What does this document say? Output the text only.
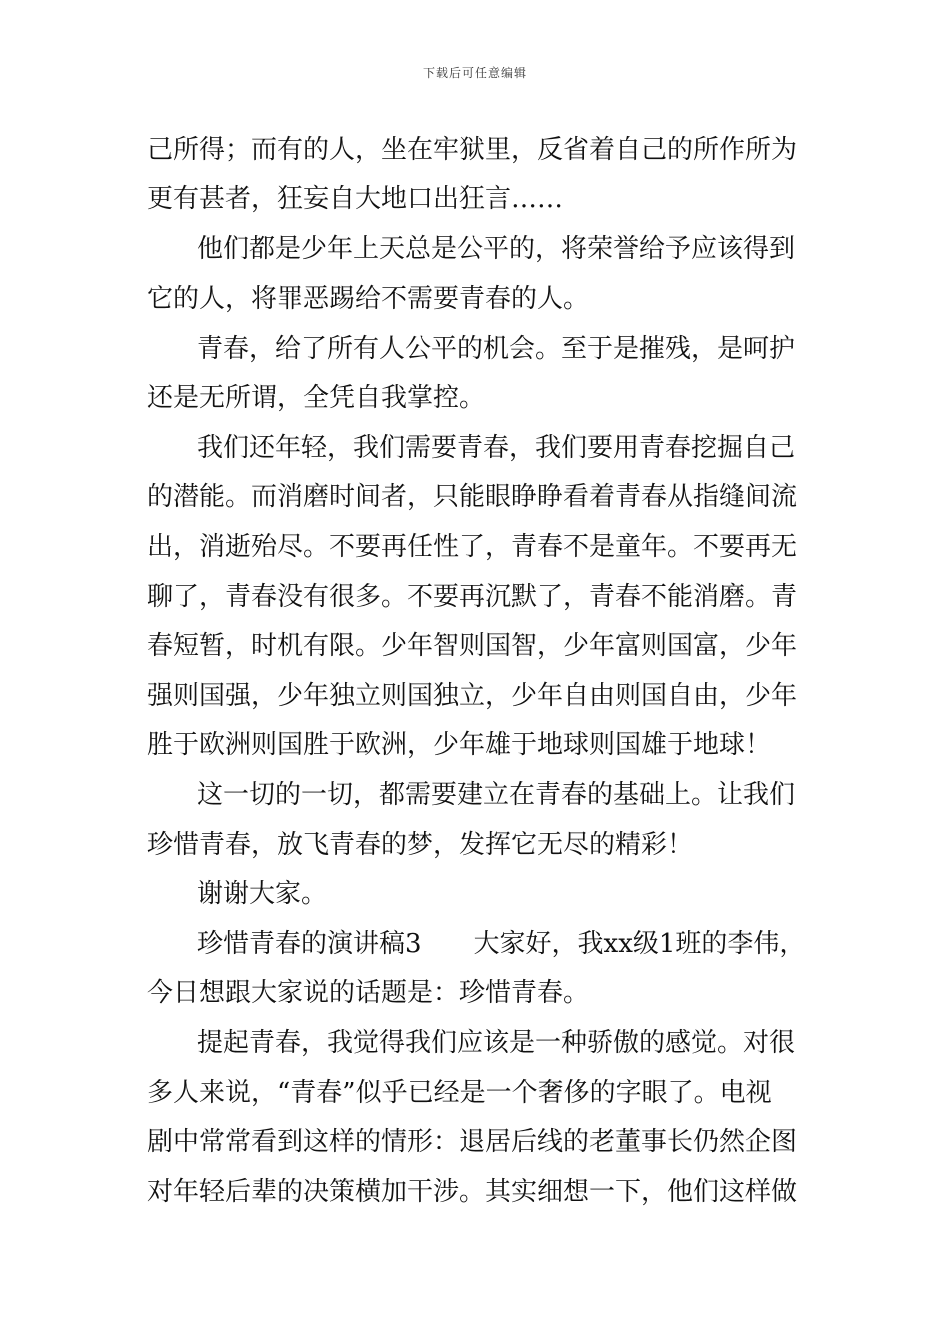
下载后可任意编辑
己所得；而有的人，坐在牢狱里，反省着自己的所作所为
更有甚者，狂妄自大地口出狂言……
他们都是少年上天总是公平的，将荣誉给予应该得到
它的人，将罪恶踢给不需要青春的人。
青春，给了所有人公平的机会。至于是摧残，是呵护
还是无所谓，全凭自我掌控。
我们还年轻，我们需要青春，我们要用青春挖掘自己
的潜能。而消磨时间者，只能眼睁睁看着青春从指缝间流
出，消逝殆尽。不要再任性了，青春不是童年。不要再无
聊了，青春没有很多。不要再沉默了，青春不能消磨。青
春短暂，时机有限。少年智则国智，少年富则国富，少年
强则国强，少年独立则国独立，少年自由则国自由，少年
胜于欧洲则国胜于欧洲，少年雄于地球则国雄于地球！
这一切的一切，都需要建立在青春的基础上。让我们
珍惜青春，放飞青春的梦，发挥它无尽的精彩！
谢谢大家。
珍惜青春的演讲稿3　　大家好，我xx级1班的李伟，
今日想跟大家说的话题是：珍惜青春。
提起青春，我觉得我们应该是一种骄傲的感觉。对很
多人来说，“青春”似乎已经是一个奢侈的字眼了。电视
剧中常常看到这样的情形：退居后线的老董事长仍然企图
对年轻后辈的决策横加干涉。其实细想一下，他们这样做
